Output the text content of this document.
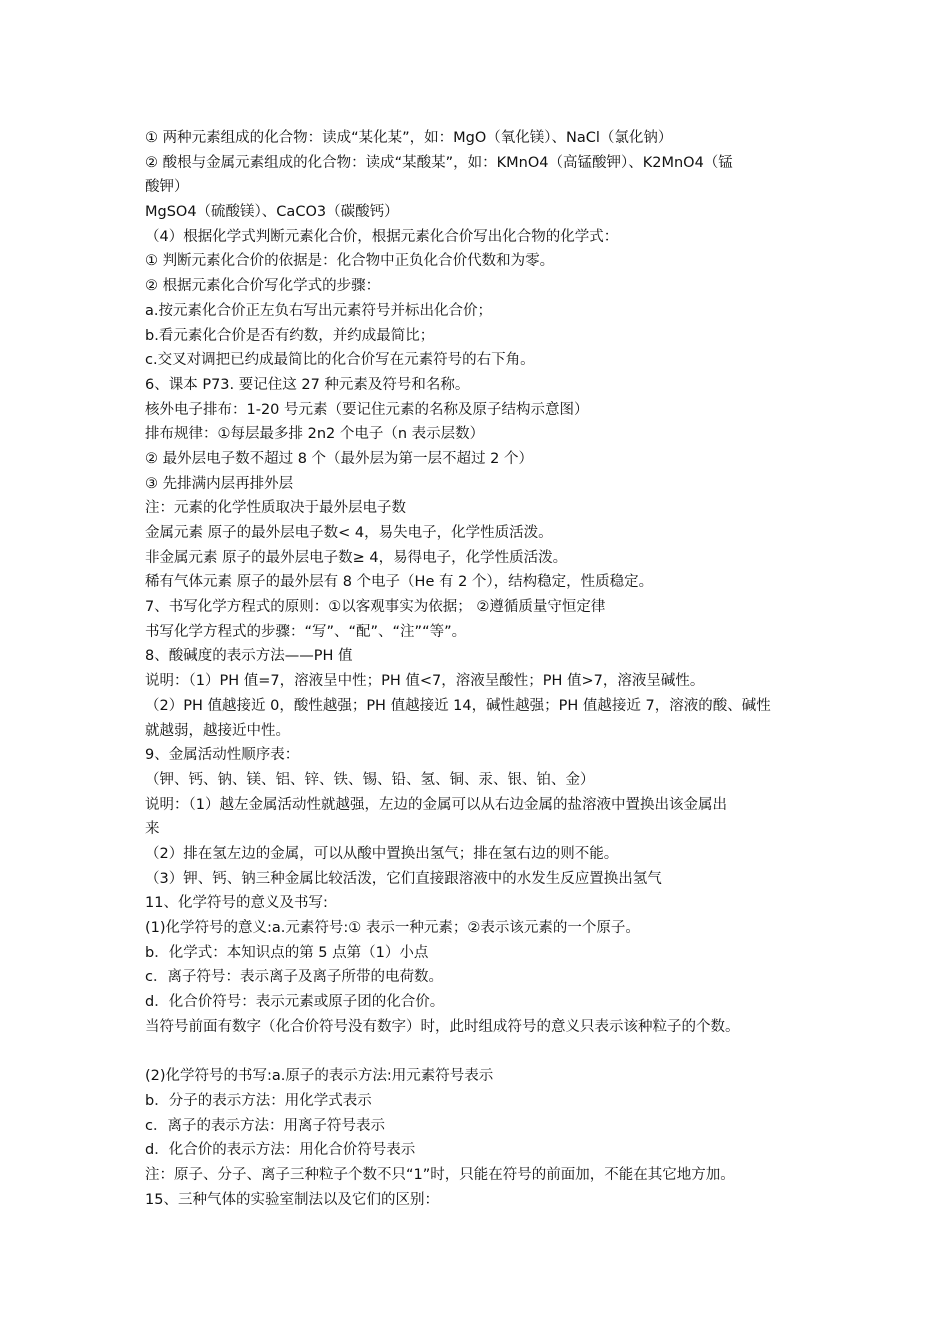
① 两种元素组成的化合物：读成“某化某”，如：MgO（氧化镁）、NaCl（氯化钠）
② 酸根与金属元素组成的化合物：读成“某酸某”，如：KMnO4（高锰酸钾）、K2MnO4（锰
酸钾）
MgSO4（硫酸镁）、CaCO3（碳酸钙）
（4）根据化学式判断元素化合价，根据元素化合价写出化合物的化学式：
① 判断元素化合价的依据是：化合物中正负化合价代数和为零。
② 根据元素化合价写化学式的步骤：
a.按元素化合价正左负右写出元素符号并标出化合价；
b.看元素化合价是否有约数，并约成最简比；
c.交叉对调把已约成最简比的化合价写在元素符号的右下角。
6、课本 P73. 要记住这 27 种元素及符号和名称。
核外电子排布：1-20 号元素（要记住元素的名称及原子结构示意图）
排布规律：①每层最多排 2n2 个电子（n 表示层数）
② 最外层电子数不超过 8 个（最外层为第一层不超过 2 个）
③ 先排满内层再排外层
注：元素的化学性质取决于最外层电子数
金属元素 原子的最外层电子数< 4，易失电子，化学性质活泼。
非金属元素 原子的最外层电子数≥ 4，易得电子，化学性质活泼。
稀有气体元素 原子的最外层有 8 个电子（He 有 2 个），结构稳定，性质稳定。
7、书写化学方程式的原则：①以客观事实为依据； ②遵循质量守恒定律
书写化学方程式的步骤：“写”、“配”、“注”“等”。
8、酸碱度的表示方法——PH 值
说明：（1）PH 值=7，溶液呈中性；PH 值<7，溶液呈酸性；PH 值>7，溶液呈碱性。
（2）PH 值越接近 0，酸性越强；PH 值越接近 14，碱性越强；PH 值越接近 7，溶液的酸、碱性
就越弱，越接近中性。
9、金属活动性顺序表：
（钾、钙、钠、镁、铝、锌、铁、锡、铅、氢、铜、汞、银、铂、金）
说明：（1）越左金属活动性就越强，左边的金属可以从右边金属的盐溶液中置换出该金属出
来
（2）排在氢左边的金属，可以从酸中置换出氢气；排在氢右边的则不能。
（3）钾、钙、钠三种金属比较活泼，它们直接跟溶液中的水发生反应置换出氢气
11、化学符号的意义及书写:
(1)化学符号的意义:a.元素符号:① 表示一种元素；②表示该元素的一个原子。
b．化学式：本知识点的第 5 点第（1）小点
c．离子符号：表示离子及离子所带的电荷数。
d．化合价符号：表示元素或原子团的化合价。
当符号前面有数字（化合价符号没有数字）时，此时组成符号的意义只表示该种粒子的个数。
(2)化学符号的书写:a.原子的表示方法:用元素符号表示
b．分子的表示方法：用化学式表示
c．离子的表示方法：用离子符号表示
d．化合价的表示方法：用化合价符号表示
注：原子、分子、离子三种粒子个数不只“1”时，只能在符号的前面加，不能在其它地方加。
15、三种气体的实验室制法以及它们的区别：
